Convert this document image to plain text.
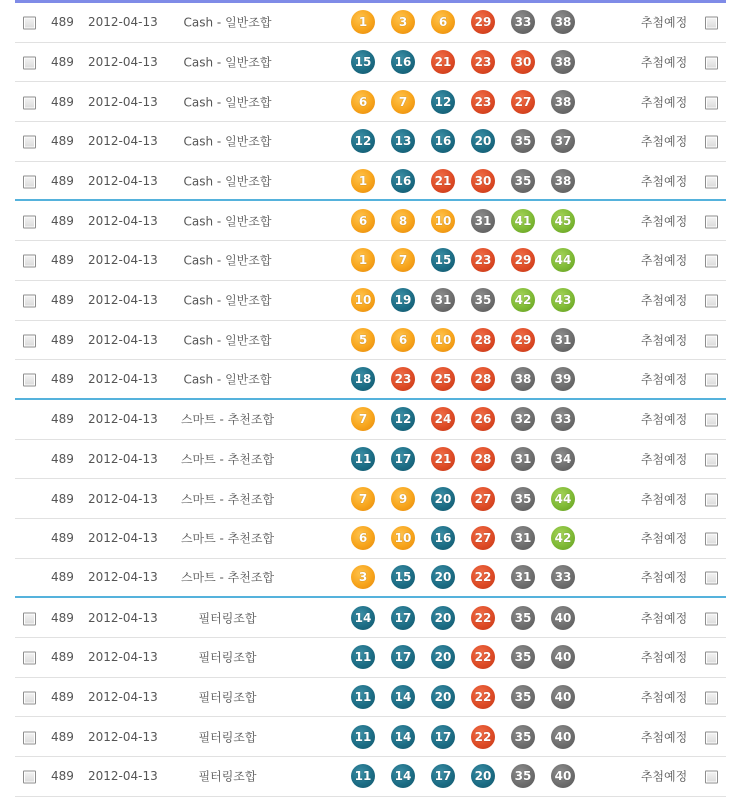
489 2012-04-13	Cash - 일반조합	1	3	6	29	33	38	추첨예정
489 2012-04-13	Cash - 일반조합	15	16	21	23	30	38	추첨예정
489 2012-04-13	Cash - 일반조합	6	7	12	23	27	38	추첨예정
489 2012-04-13	Cash - 일반조합	12	13	16	20	35	37	추첨예정
489 2012-04-13	Cash - 일반조합	1	16	21	30	35	38	추첨예정
489 2012-04-13	Cash - 일반조합	6	8	10	31	41	45	추첨예정
489 2012-04-13	Cash - 일반조합	1	7	15	23	29	44	추첨예정
489 2012-04-13	Cash - 일반조합	10	19	31	35	42	43	추첨예정
489 2012-04-13	Cash - 일반조합	5	6	10	28	29	31	추첨예정
489 2012-04-13	Cash - 일반조합	18	23	25	28	38	39	추첨예정
489 2012-04-13	스마트 - 추천조합	7	12	24	26	32	33	추첨예정
489 2012-04-13	스마트 - 추천조합	11	17	21	28	31	34	추첨예정
489 2012-04-13	스마트 - 추천조합	7	9	20	27	35	44	추첨예정
489 2012-04-13	스마트 - 추천조합	6	10	16	27	31	42	추첨예정
489 2012-04-13	스마트 - 추천조합	3	15	20	22	31	33	추첨예정
489 2012-04-13	필터링조합	14	17	20	22	35	40	추첨예정
489 2012-04-13	필터링조합	11	17	20	22	35	40	추첨예정
489 2012-04-13	필터링조합	11	14	20	22	35	40	추첨예정
489 2012-04-13	필터링조합	11	14	17	22	35	40	추첨예정
489 2012-04-13	필터링조합	11	14	17	20	35	40	추첨예정
